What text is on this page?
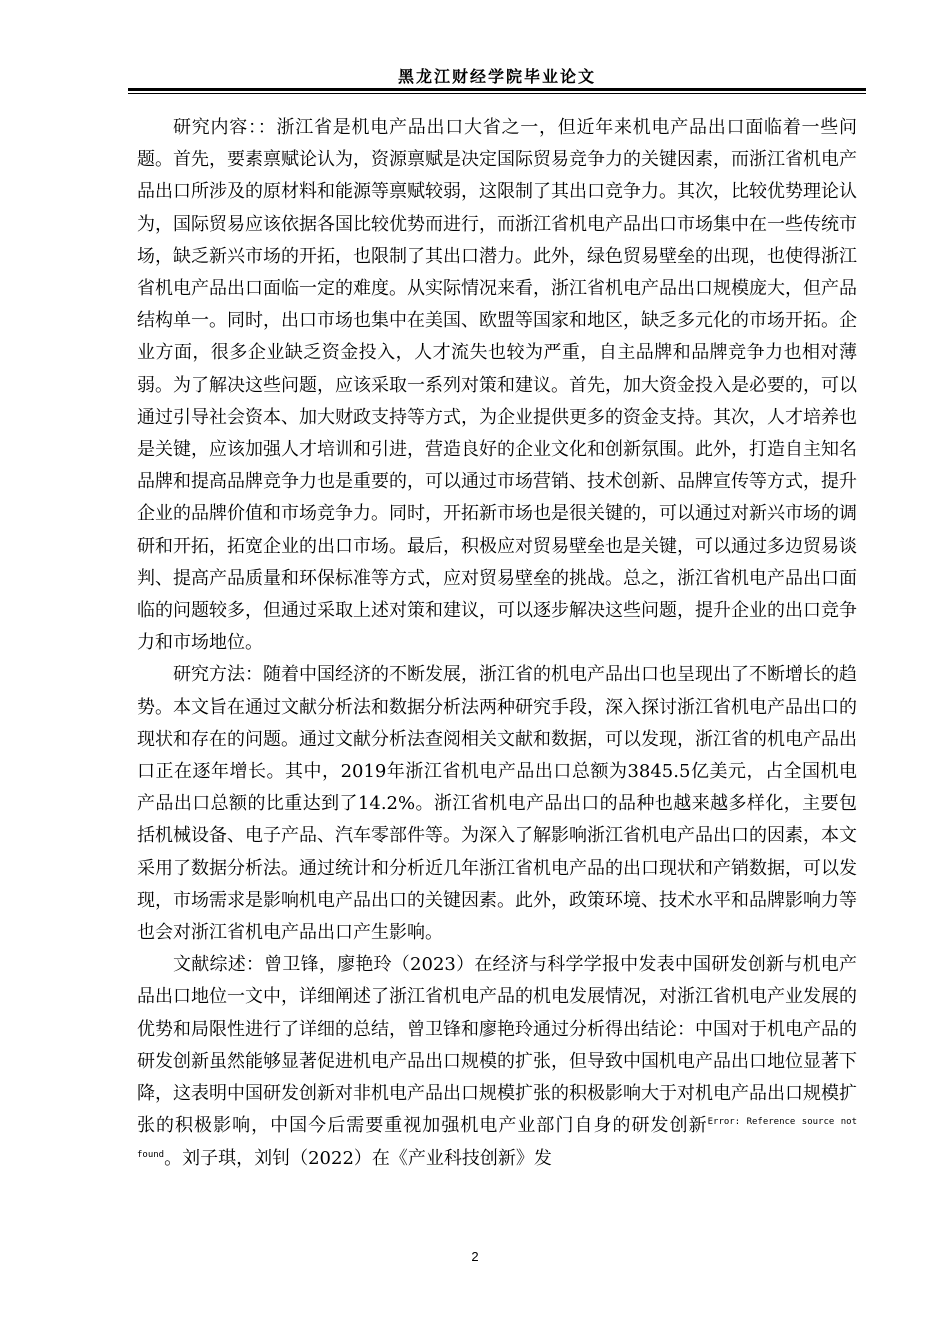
黑龙江财经学院毕业论文

研究内容：：浙江省是机电产品出口大省之一，但近年来机电产品出口面临着一些问题。首先，要素禀赋论认为，资源禀赋是决定国际贸易竞争力的关键因素，而浙江省机电产品出口所涉及的原材料和能源等禀赋较弱，这限制了其出口竞争力。其次，比较优势理论认为，国际贸易应该依据各国比较优势而进行，而浙江省机电产品出口市场集中在一些传统市场，缺乏新兴市场的开拓，也限制了其出口潜力。此外，绿色贸易壁垒的出现，也使得浙江省机电产品出口面临一定的难度。从实际情况来看，浙江省机电产品出口规模庞大，但产品结构单一。同时，出口市场也集中在美国、欧盟等国家和地区，缺乏多元化的市场开拓。企业方面，很多企业缺乏资金投入，人才流失也较为严重，自主品牌和品牌竞争力也相对薄弱。为了解决这些问题，应该采取一系列对策和建议。首先，加大资金投入是必要的，可以通过引导社会资本、加大财政支持等方式，为企业提供更多的资金支持。其次，人才培养也是关键，应该加强人才培训和引进，营造良好的企业文化和创新氛围。此外，打造自主知名品牌和提高品牌竞争力也是重要的，可以通过市场营销、技术创新、品牌宣传等方式，提升企业的品牌价值和市场竞争力。同时，开拓新市场也是很关键的，可以通过对新兴市场的调研和开拓，拓宽企业的出口市场。最后，积极应对贸易壁垒也是关键，可以通过多边贸易谈判、提高产品质量和环保标准等方式，应对贸易壁垒的挑战。总之，浙江省机电产品出口面临的问题较多，但通过采取上述对策和建议，可以逐步解决这些问题，提升企业的出口竞争力和市场地位。

研究方法：随着中国经济的不断发展，浙江省的机电产品出口也呈现出了不断增长的趋势。本文旨在通过文献分析法和数据分析法两种研究手段，深入探讨浙江省机电产品出口的现状和存在的问题。通过文献分析法查阅相关文献和数据，可以发现，浙江省的机电产品出口正在逐年增长。其中，2019年浙江省机电产品出口总额为3845.5亿美元，占全国机电产品出口总额的比重达到了14.2%。浙江省机电产品出口的品种也越来越多样化，主要包括机械设备、电子产品、汽车零部件等。为深入了解影响浙江省机电产品出口的因素，本文采用了数据分析法。通过统计和分析近几年浙江省机电产品的出口现状和产销数据，可以发现，市场需求是影响机电产品出口的关键因素。此外，政策环境、技术水平和品牌影响力等也会对浙江省机电产品出口产生影响。

文献综述：曾卫锋，廖艳玲（2023）在经济与科学学报中发表中国研发创新与机电产品出口地位一文中，详细阐述了浙江省机电产品的机电发展情况，对浙江省机电产业发展的优势和局限性进行了详细的总结，曾卫锋和廖艳玲通过分析得出结论：中国对于机电产品的研发创新虽然能够显著促进机电产品出口规模的扩张，但导致中国机电产品出口地位显著下降，这表明中国研发创新对非机电产品出口规模扩张的积极影响大于对机电产品出口规模扩张的积极影响，中国今后需要重视加强机电产业部门自身的研发创新$^{Error: Reference source not found}$。刘子琪，刘钊（2022）在《产业科技创新》发

2
